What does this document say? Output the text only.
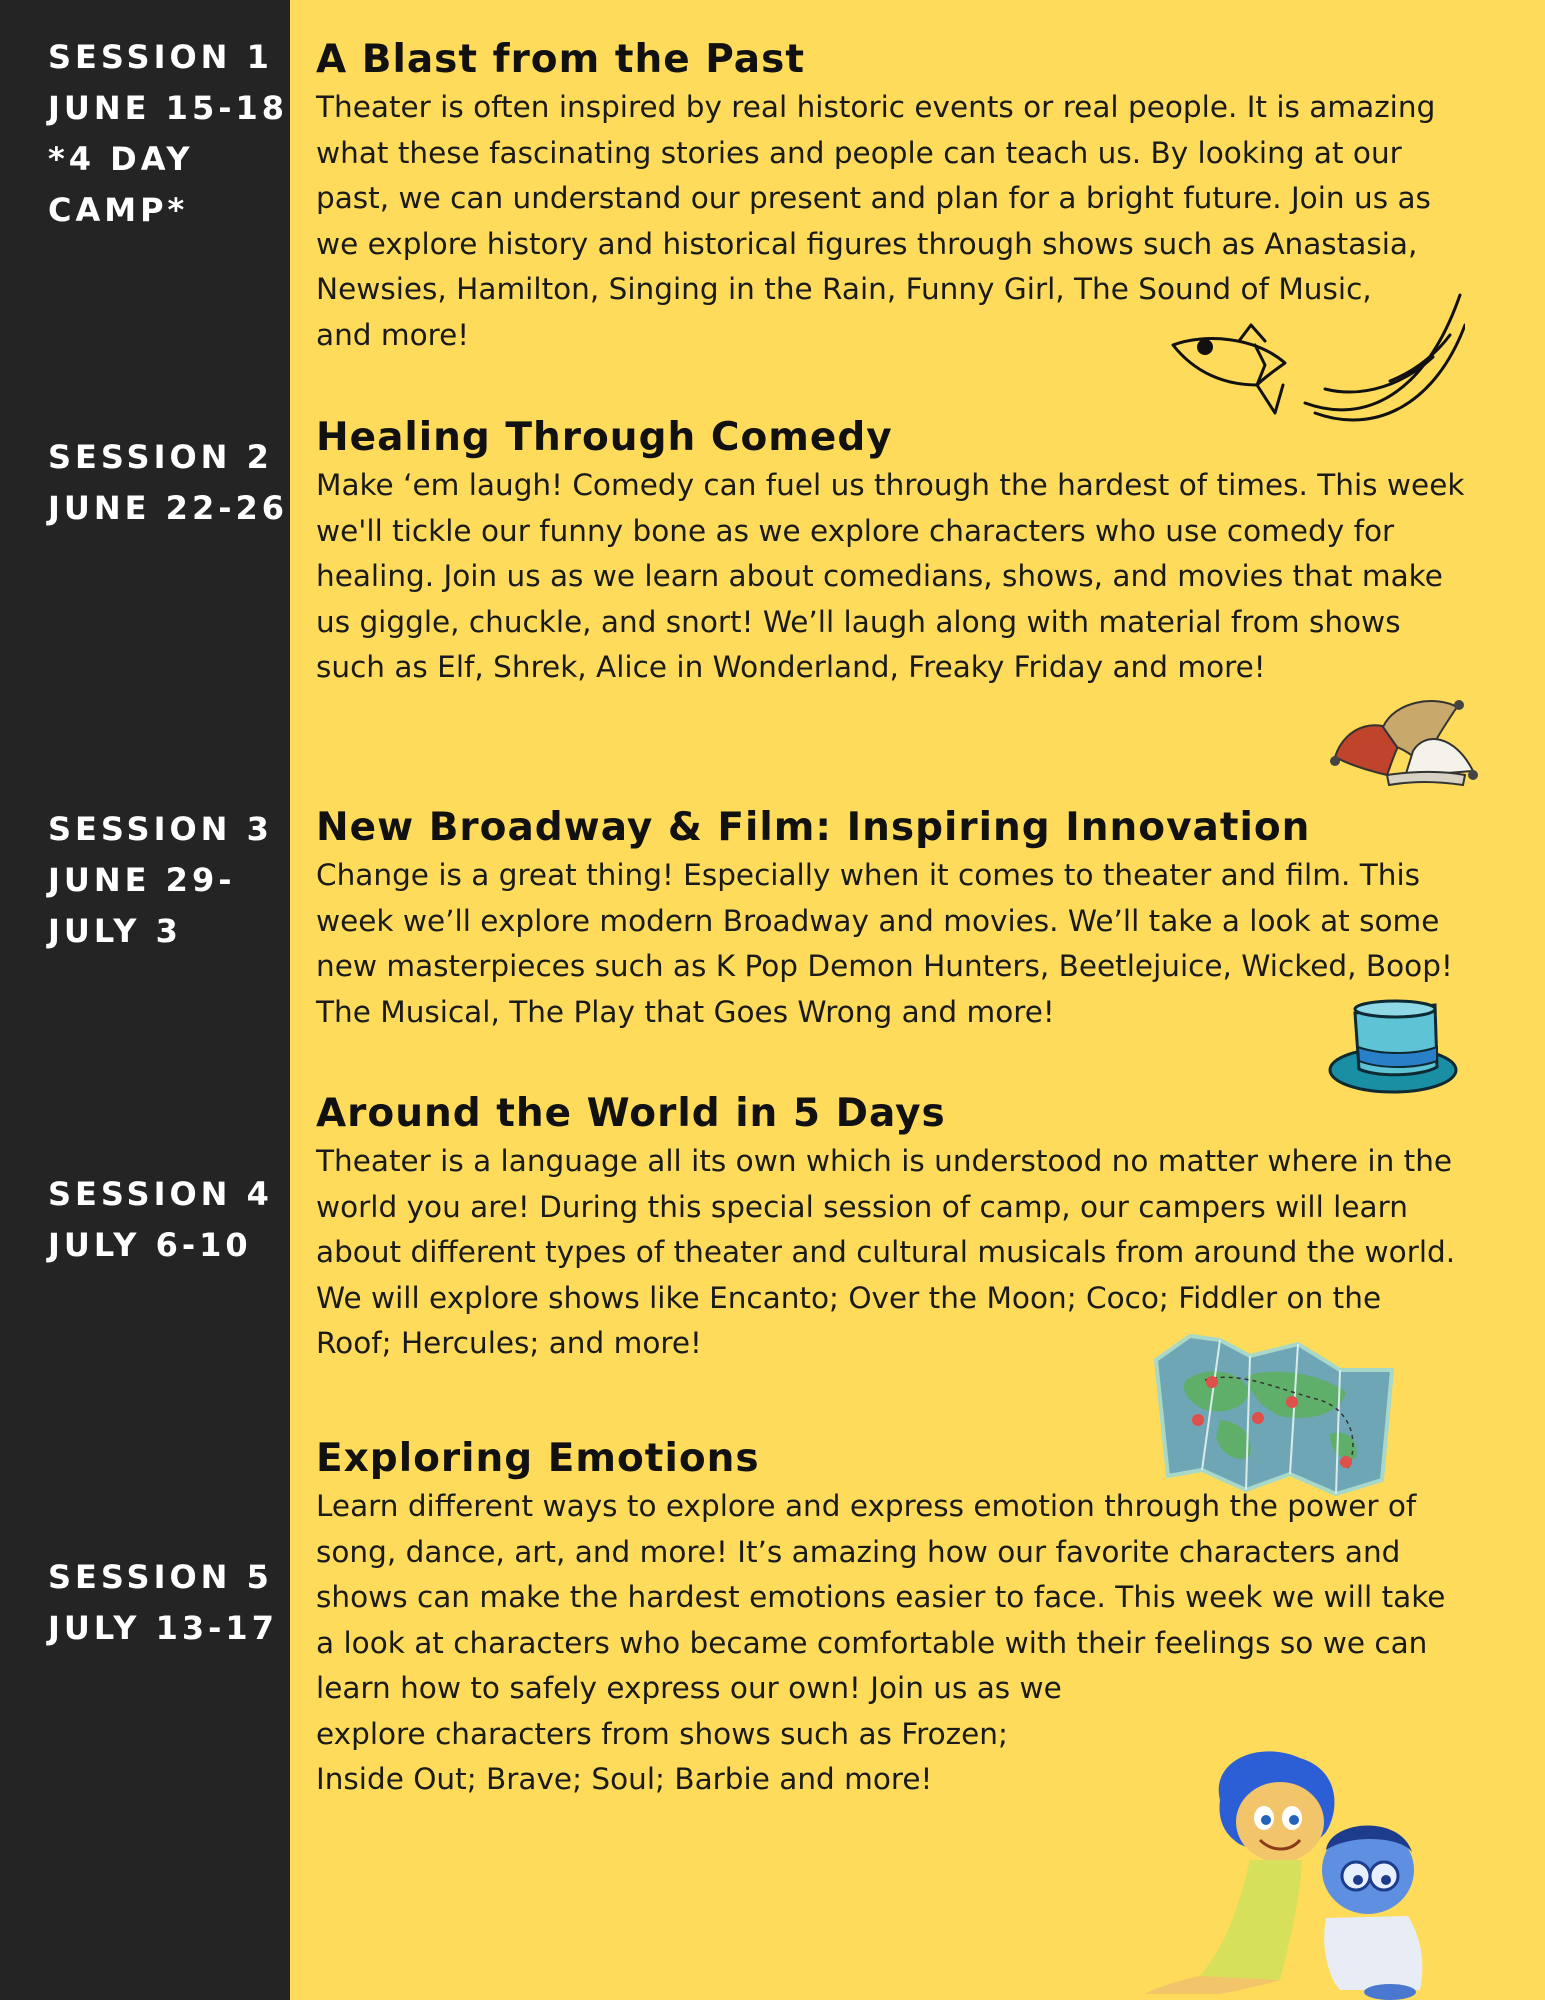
SESSION 1
JUNE 15-18
*4 DAY
CAMP*
SESSION 2
JUNE 22-26
SESSION 3
JUNE 29-
JULY 3
SESSION 4
JULY 6-10
SESSION 5
JULY 13-17
A Blast from the Past

Theater is often inspired by real historic events or real people. It is amazing
what these fascinating stories and people can teach us. By looking at our
past, we can understand our present and plan for a bright future. Join us as
we explore history and historical figures through shows such as Anastasia,
Newsies, Hamilton, Singing in the Rain, Funny Girl, The Sound of Music,
and more!

Healing Through Comedy

Make ‘em laugh! Comedy can fuel us through the hardest of times. This week
we'll tickle our funny bone as we explore characters who use comedy for
healing. Join us as we learn about comedians, shows, and movies that make
us giggle, chuckle, and snort! We’ll laugh along with material from shows
such as Elf, Shrek, Alice in Wonderland, Freaky Friday and more!

New Broadway & Film: Inspiring Innovation

Change is a great thing! Especially when it comes to theater and film. This
week we’ll explore modern Broadway and movies. We’ll take a look at some
new masterpieces such as K Pop Demon Hunters, Beetlejuice, Wicked, Boop!
The Musical, The Play that Goes Wrong and more!

Around the World in 5 Days

Theater is a language all its own which is understood no matter where in the
world you are! During this special session of camp, our campers will learn
about different types of theater and cultural musicals from around the world.
We will explore shows like Encanto; Over the Moon; Coco; Fiddler on the
Roof; Hercules; and more!

Exploring Emotions

Learn different ways to explore and express emotion through the power of
song, dance, art, and more! It’s amazing how our favorite characters and
shows can make the hardest emotions easier to face. This week we will take
a look at characters who became comfortable with their feelings so we can
learn how to safely express our own! Join us as we
explore characters from shows such as Frozen;
Inside Out; Brave; Soul; Barbie and more!
